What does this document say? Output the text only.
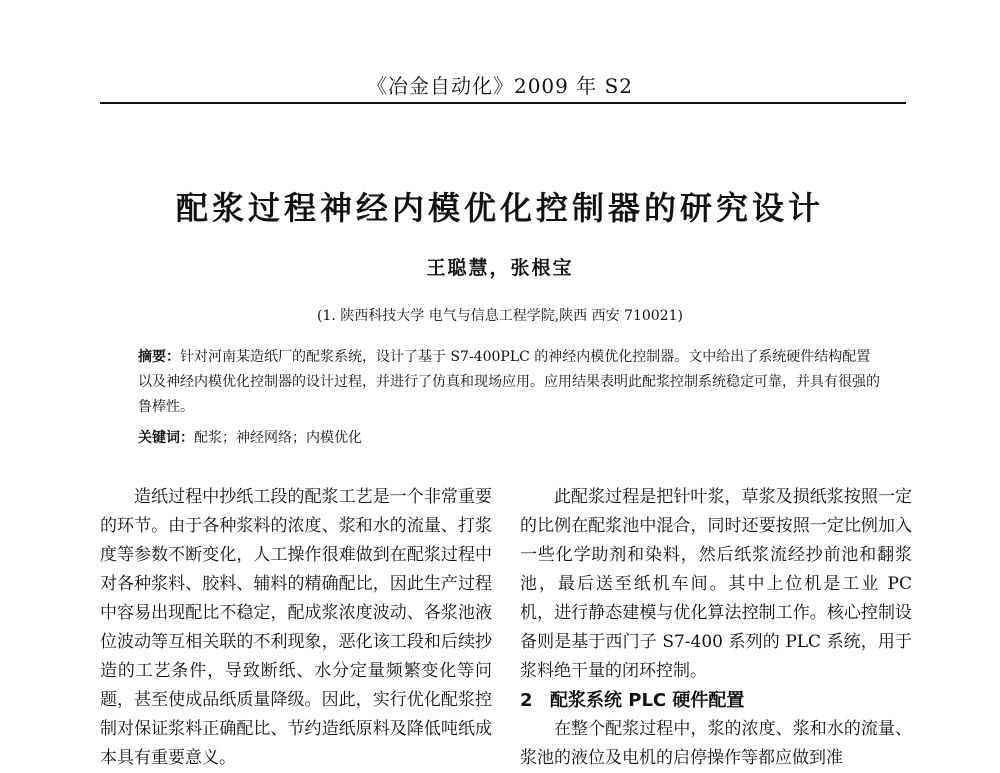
《冶金自动化》2009 年 S2
配浆过程神经内模优化控制器的研究设计
王聪慧，张根宝
(1. 陕西科技大学 电气与信息工程学院,陕西 西安 710021)
摘要：针对河南某造纸厂的配浆系统，设计了基于 S7-400PLC 的神经内模优化控制器。文中给出了系统硬件结构配置以及神经内模优化控制器的设计过程，并进行了仿真和现场应用。应用结果表明此配浆控制系统稳定可靠，并具有很强的鲁棒性。
关键词：配浆；神经网络；内模优化

造纸过程中抄纸工段的配浆工艺是一个非常重要的环节。由于各种浆料的浓度、浆和水的流量、打浆度等参数不断变化，人工操作很难做到在配浆过程中对各种浆料、胶料、辅料的精确配比，因此生产过程中容易出现配比不稳定，配成浆浓度波动、各浆池液位波动等互相关联的不利现象，恶化该工段和后续抄造的工艺条件，导致断纸、水分定量频繁变化等问题，甚至使成品纸质量降级。因此，实行优化配浆控制对保证浆料正确配比、节约造纸原料及降低吨纸成本具有重要意义。

此配浆过程是把针叶浆，草浆及损纸浆按照一定的比例在配浆池中混合，同时还要按照一定比例加入一些化学助剂和染料，然后纸浆流经抄前池和翻浆池，最后送至纸机车间。其中上位机是工业 PC 机，进行静态建模与优化算法控制工作。核心控制设备则是基于西门子 S7-400 系列的 PLC 系统，用于浆料绝干量的闭环控制。

2 配浆系统 PLC 硬件配置

在整个配浆过程中，浆的浓度、浆和水的流量、浆池的液位及电机的启停操作等都应做到准
